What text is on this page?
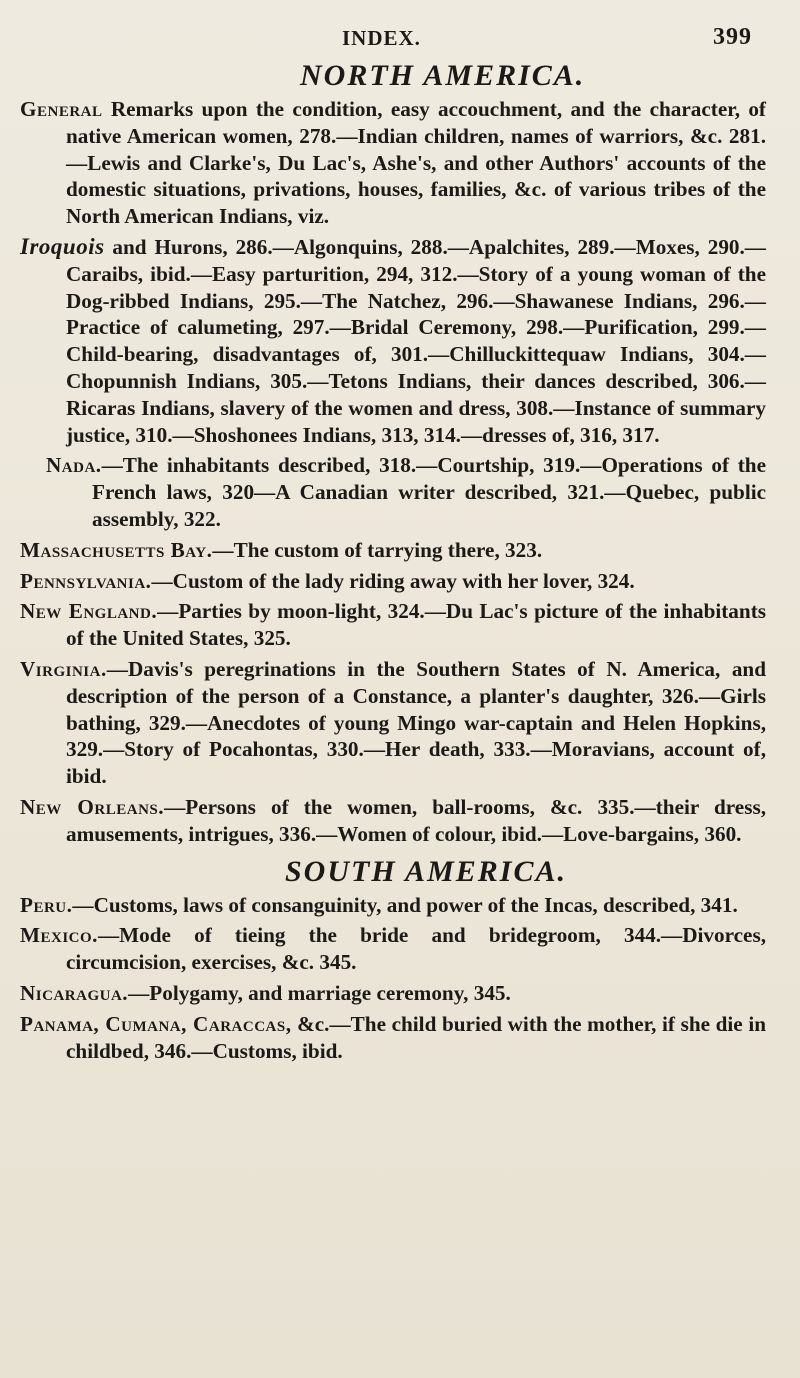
INDEX.	399
NORTH AMERICA.

General Remarks upon the condition, easy accouchment, and the character, of native American women, 278.—Indian children, names of warriors, &c. 281.—Lewis and Clarke's, Du Lac's, Ashe's, and other Authors' accounts of the domestic situations, privations, houses, families, &c. of various tribes of the North American Indians, viz.

Iroquois and Hurons, 286.—Algonquins, 288.—Apalchites, 289.—Moxes, 290.—Caraibs, ibid.—Easy parturition, 294, 312.—Story of a young woman of the Dog-ribbed Indians, 295.—The Natchez, 296.—Shawanese Indians, 296.—Practice of calumeting, 297.—Bridal Ceremony, 298.—Purification, 299.—Child-bearing, disadvantages of, 301.—Chilluckittequaw Indians, 304.—Chopunnish Indians, 305.—Tetons Indians, their dances described, 306.—Ricaras Indians, slavery of the women and dress, 308.—Instance of summary justice, 310.—Shoshonees Indians, 313, 314.—dresses of, 316, 317.

Nada.—The inhabitants described, 318.—Courtship, 319.—Operations of the French laws, 320—A Canadian writer described, 321.—Quebec, public assembly, 322.

Massachusetts Bay.—The custom of tarrying there, 323.

Pennsylvania.—Custom of the lady riding away with her lover, 324.

New England.—Parties by moon-light, 324.—Du Lac's picture of the inhabitants of the United States, 325.

Virginia.—Davis's peregrinations in the Southern States of N. America, and description of the person of a Constance, a planter's daughter, 326.—Girls bathing, 329.—Anecdotes of young Mingo war-captain and Helen Hopkins, 329.—Story of Pocahontas, 330.—Her death, 333.—Moravians, account of, ibid.

New Orleans.—Persons of the women, ball-rooms, &c. 335.—their dress, amusements, intrigues, 336.—Women of colour, ibid.—Love-bargains, 360.

SOUTH AMERICA.

Peru.—Customs, laws of consanguinity, and power of the Incas, described, 341.

Mexico.—Mode of tieing the bride and bridegroom, 344.—Divorces, circumcision, exercises, &c. 345.

Nicaragua.—Polygamy, and marriage ceremony, 345.

Panama, Cumana, Caraccas, &c.—The child buried with the mother, if she die in childbed, 346.—Customs, ibid.
